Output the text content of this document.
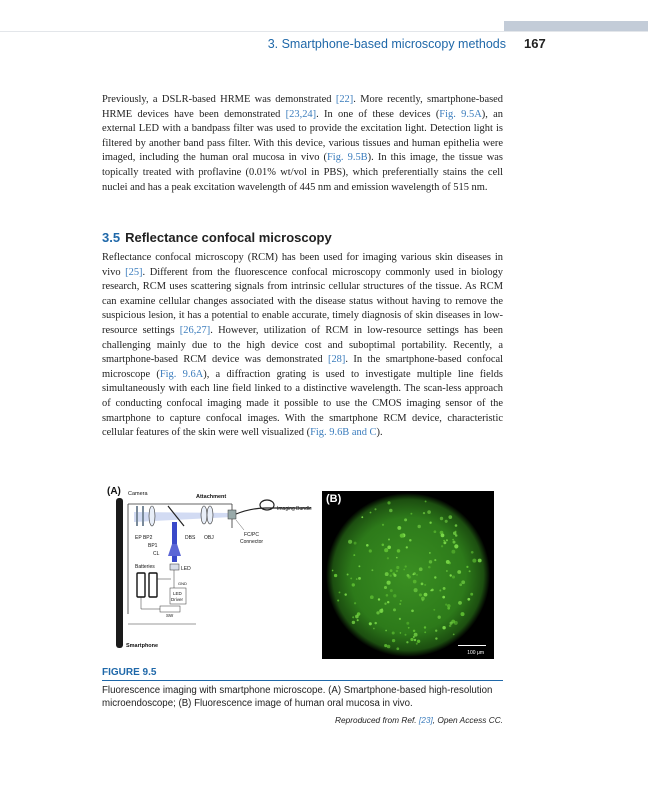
3. Smartphone-based microscopy methods 167

Previously, a DSLR-based HRME was demonstrated [22]. More recently, smartphone-based HRME devices have been demonstrated [23,24]. In one of these devices (Fig. 9.5A), an external LED with a bandpass filter was used to provide the excitation light. Detection light is filtered by another band pass filter. With this device, various tissues and human epithelia were imaged, including the human oral mucosa in vivo (Fig. 9.5B). In this image, the tissue was topically treated with proflavine (0.01% wt/vol in PBS), which preferentially stains the cell nuclei and has a peak excitation wavelength of 445 nm and emission wavelength of 515 nm.

3.5 Reflectance confocal microscopy

Reflectance confocal microscopy (RCM) has been used for imaging various skin diseases in vivo [25]. Different from the fluorescence confocal microscopy commonly used in biology research, RCM uses scattering signals from intrinsic cellular structures of the tissue. As RCM can examine cellular changes associated with the disease status without having to remove the suspicious lesion, it has a potential to enable accurate, timely diagnosis of skin diseases in low-resource settings [26,27]. However, utilization of RCM in low-resource settings has been challenging mainly due to the high device cost and suboptimal portability. Recently, a smartphone-based RCM device was demonstrated [28]. In the smartphone-based confocal microscope (Fig. 9.6A), a diffraction grating is used to investigate multiple line fields simultaneously with each line field linked to a distinctive wavelength. The scan-less approach of conducting confocal imaging made it possible to use the CMOS imaging sensor of the smartphone to capture confocal images. With the smartphone RCM device, characteristic cellular features of the skin were well visualized (Fig. 9.6B and C).

(A) Camera	Attachment
Imaging Bundle
EP BP2	DBS OBJ
BP1
CL
FC/PC
Connector
LED
Batteries
GND
LED
Driver
SW
Smartphone
(B)
100 μm
FIGURE 9.5

Fluorescence imaging with smartphone microscope. (A) Smartphone-based high-resolution microendoscope; (B) Fluorescence image of human oral mucosa in vivo.

Reproduced from Ref. [23], Open Access CC.
